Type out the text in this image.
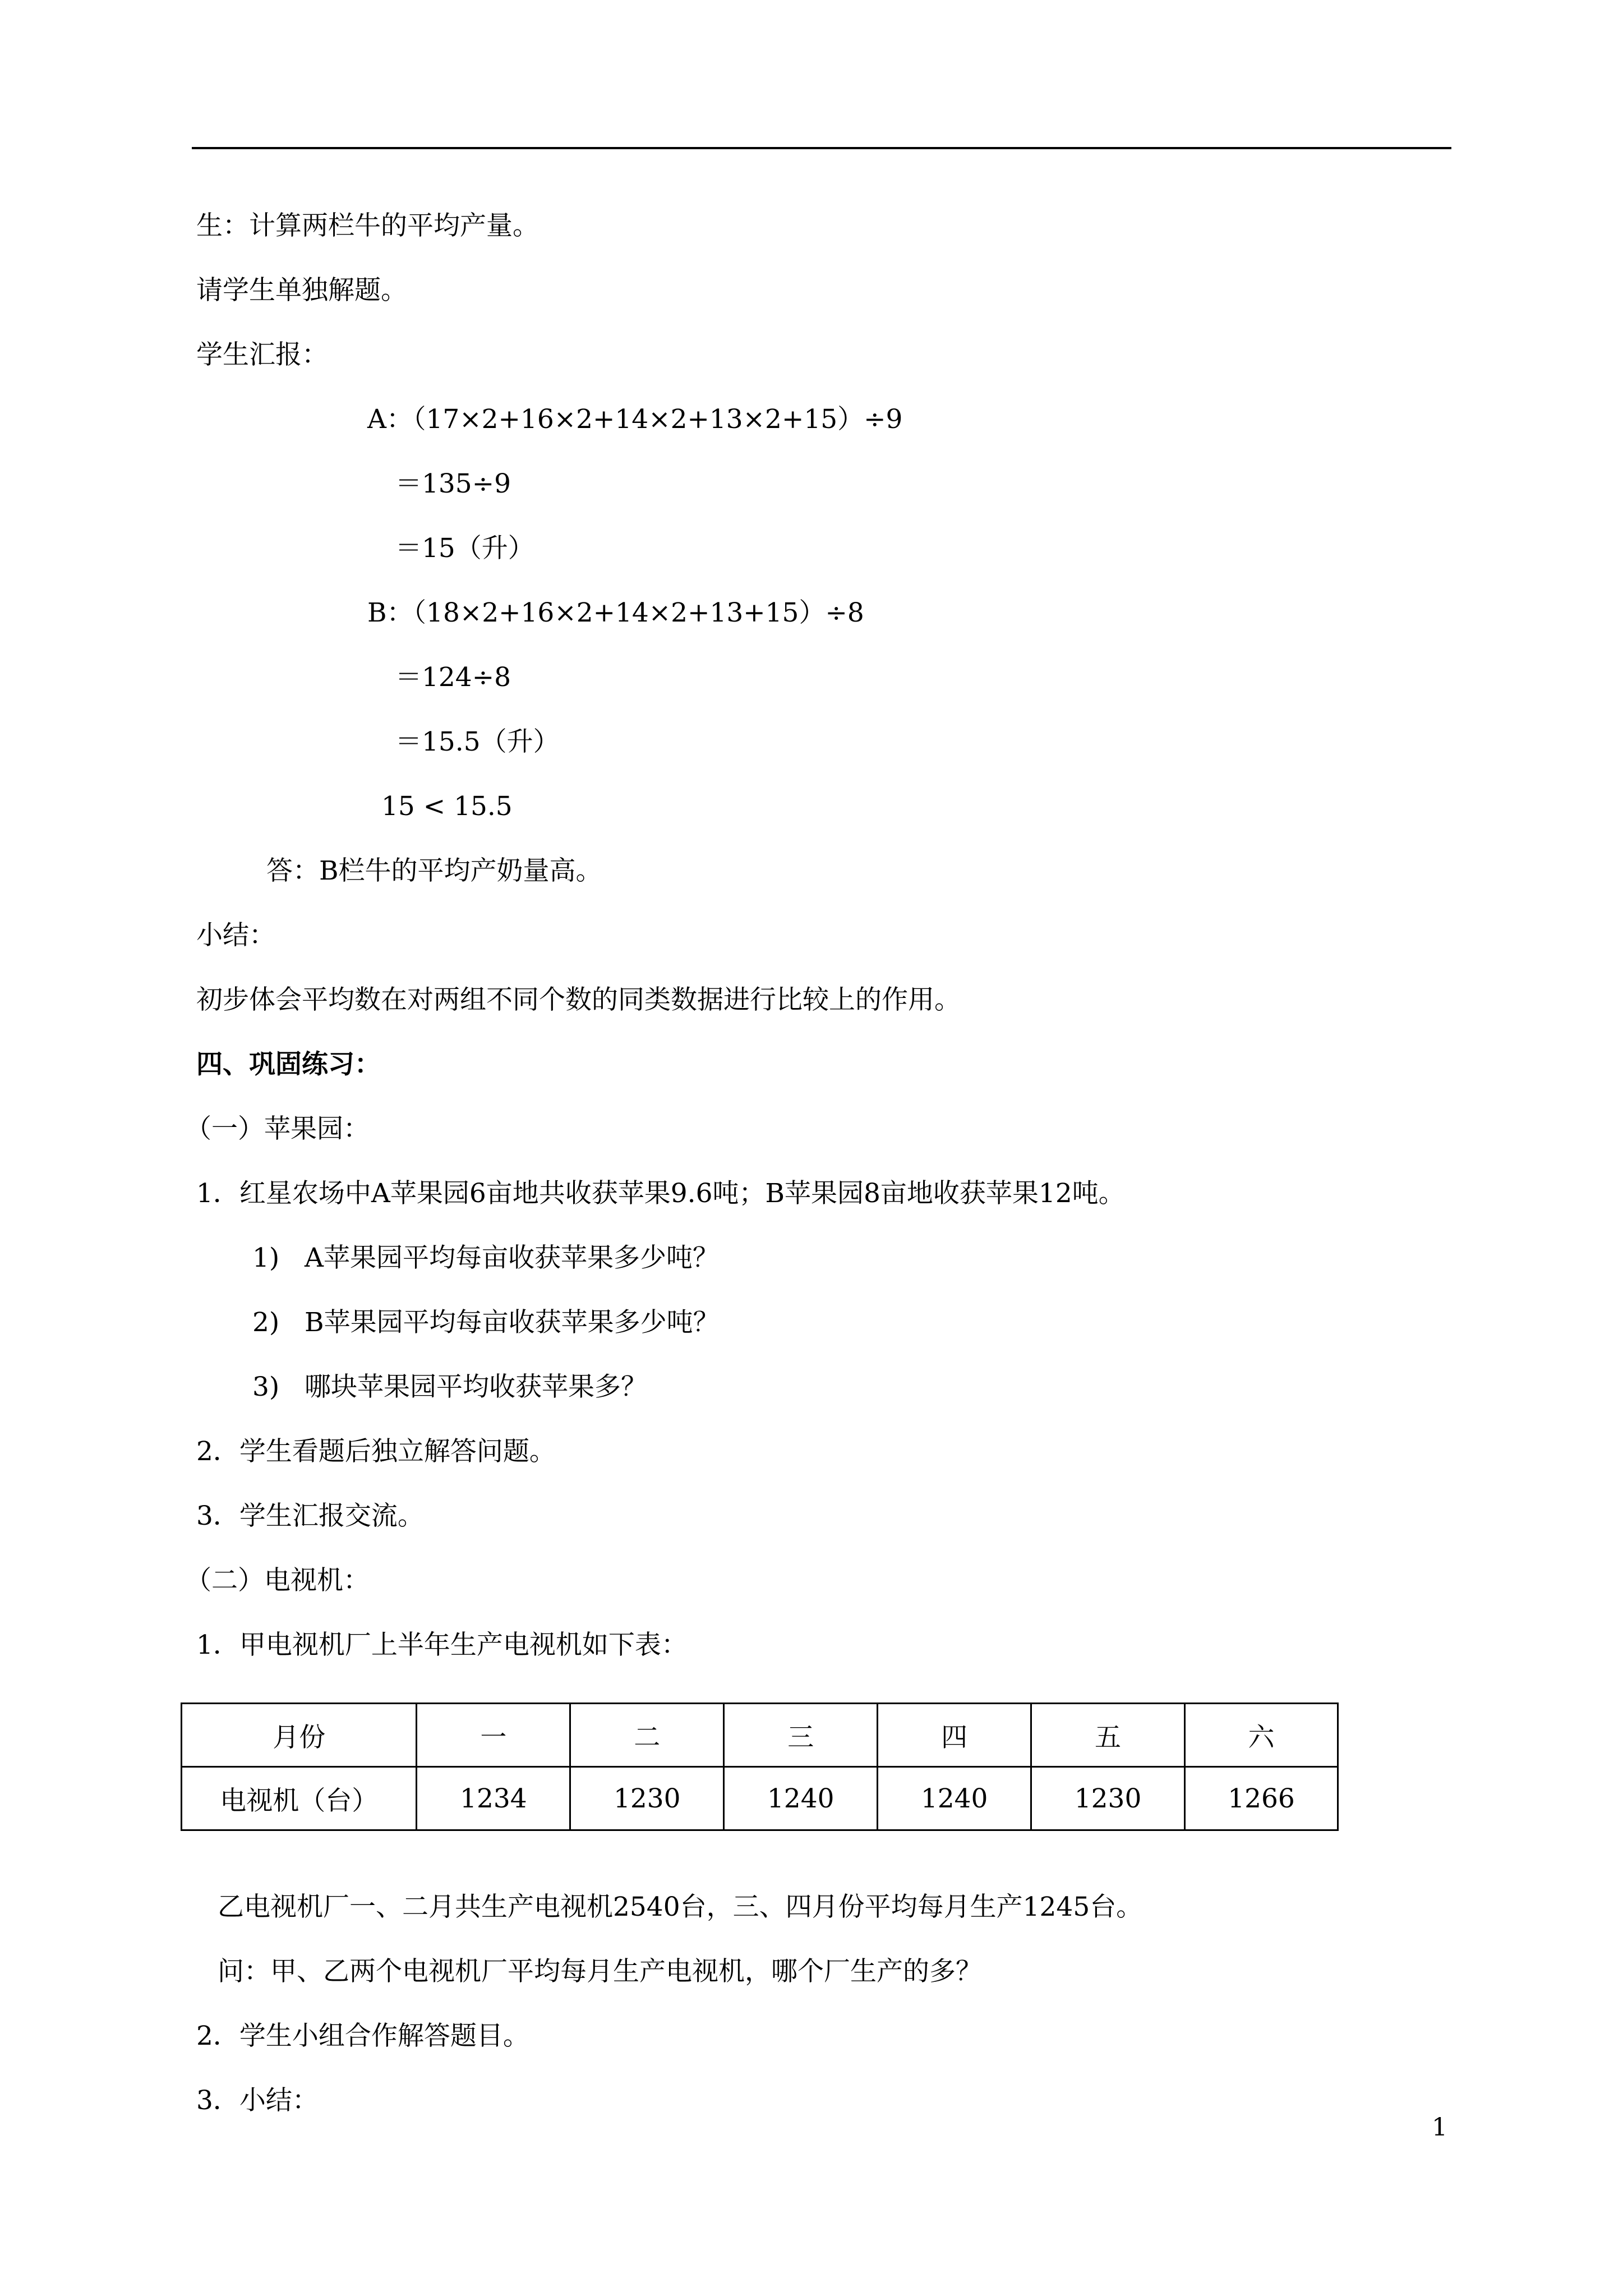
生：计算两栏牛的平均产量。
请学生单独解题。
学生汇报：
A：（17×2+16×2+14×2+13×2+15）÷9
＝135÷9
＝15（升）
B：（18×2+16×2+14×2+13+15）÷8
＝124÷8
＝15.5（升）
15 < 15.5
答：B栏牛的平均产奶量高。
小结：
初步体会平均数在对两组不同个数的同类数据进行比较上的作用。
四、巩固练习：
（一）苹果园：
1．红星农场中A苹果园6亩地共收获苹果9.6吨；B苹果园8亩地收获苹果12吨。
1)   A苹果园平均每亩收获苹果多少吨？
2)   B苹果园平均每亩收获苹果多少吨？
3)   哪块苹果园平均收获苹果多？
2．学生看题后独立解答问题。
3．学生汇报交流。
（二）电视机：
1．甲电视机厂上半年生产电视机如下表：
月份	一	二	三	四	五	六
电视机（台）	1234	1230	1240	1240	1230	1266
乙电视机厂一、二月共生产电视机2540台，三、四月份平均每月生产1245台。
问：甲、乙两个电视机厂平均每月生产电视机，哪个厂生产的多？
2．学生小组合作解答题目。
3．小结：
1
